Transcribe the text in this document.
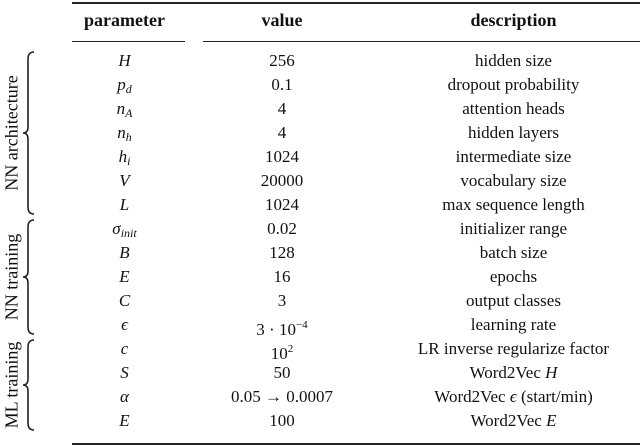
parameter	value	description
NN architecture
NN training
ML training
H	256	hidden size
$p_d$	0.1	dropout probability
$n_A$	4	attention heads
$n_h$	4	hidden layers
$h_i$	1024	intermediate size
V	20000	vocabulary size
L	1024	max sequence length
$\sigma_{init}$	0.02	initializer range
B	128	batch size
E	16	epochs
C	3	output classes
ϵ	$3 \cdot 10^{-4}$	learning rate
c	$10^2$	LR inverse regularize factor
S	50	Word2Vec H
α	0.05 → 0.0007	Word2Vec ϵ (start/min)
E	100	Word2Vec E
